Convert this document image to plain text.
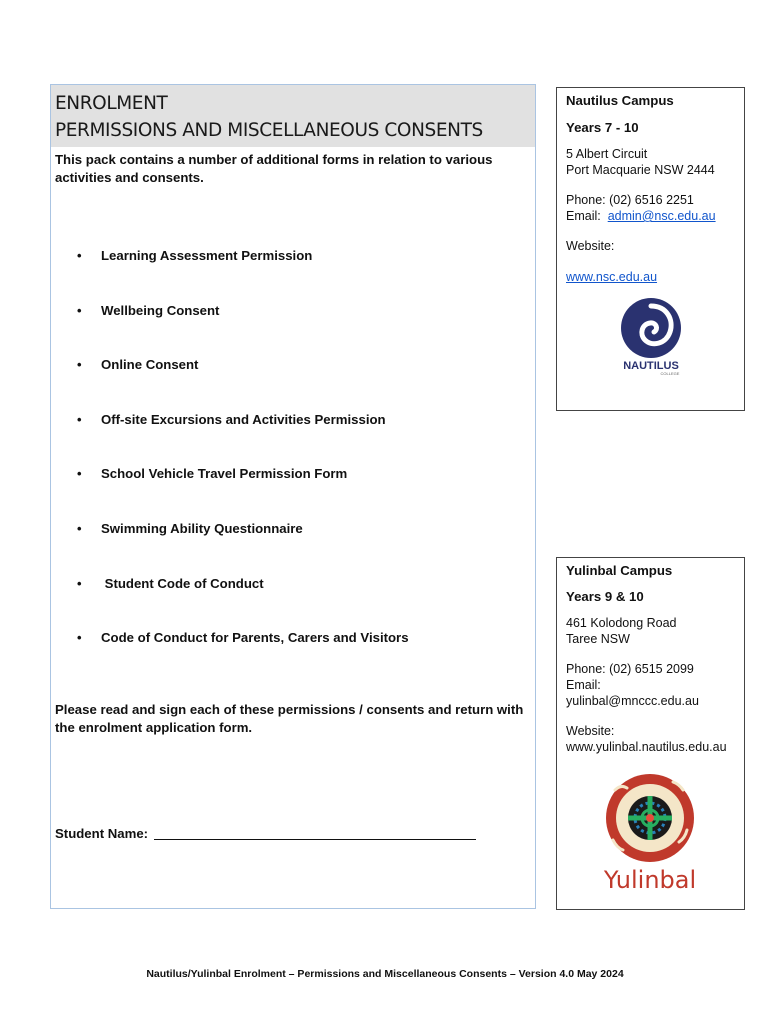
ENROLMENT
PERMISSIONS AND MISCELLANEOUS CONSENTS
This pack contains a number of additional forms in relation to various activities and consents.
• Learning Assessment Permission
• Wellbeing Consent
• Online Consent
• Off-site Excursions and Activities Permission
• School Vehicle Travel Permission Form
• Swimming Ability Questionnaire
• Student Code of Conduct
• Code of Conduct for Parents, Carers and Visitors
Please read and sign each of these permissions / consents and return with the enrolment application form.
Student Name:
Nautilus Campus
Years 7 - 10
5 Albert Circuit
Port Macquarie NSW 2444
Phone: (02) 6516 2251
Email: admin@nsc.edu.au
Website:
www.nsc.edu.au
NAUTILUS
COLLEGE
Yulinbal Campus
Years 9 & 10
461 Kolodong Road
Taree NSW
Phone: (02) 6515 2099
Email:
yulinbal@mnccc.edu.au
Website:
www.yulinbal.nautilus.edu.au
Yulinbal
Nautilus/Yulinbal Enrolment – Permissions and Miscellaneous Consents – Version 4.0 May 2024
